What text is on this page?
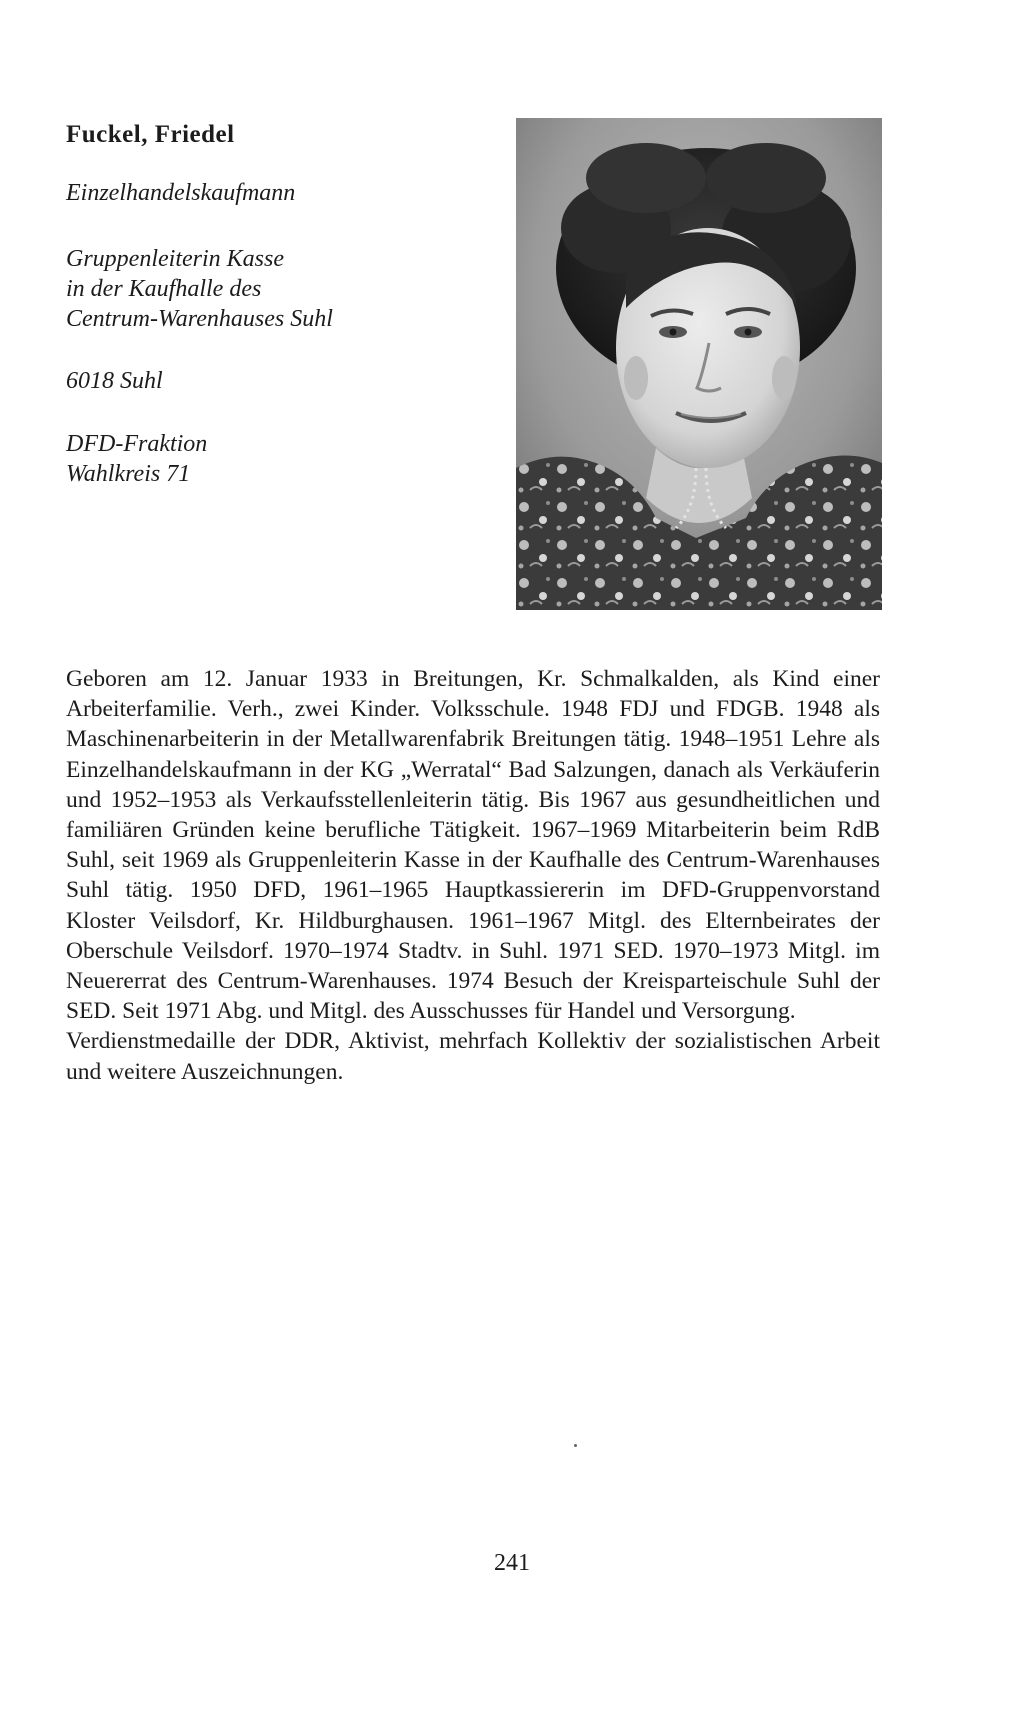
Fuckel, Friedel
Einzelhandelskaufmann
Gruppenleiterin Kasse
in der Kaufhalle des
Centrum-Warenhauses Suhl
6018 Suhl
DFD-Fraktion
Wahlkreis 71

Geboren am 12. Januar 1933 in Breitungen, Kr. Schmalkalden, als Kind einer Arbeiterfamilie. Verh., zwei Kinder. Volksschule. 1948 FDJ und FDGB. 1948 als Maschinenarbeiterin in der Metallwarenfabrik Breitungen tätig. 1948–1951 Lehre als Einzelhandelskaufmann in der KG „Werratal“ Bad Salzungen, danach als Verkäuferin und 1952–1953 als Verkaufsstellenleiterin tätig. Bis 1967 aus gesundheitlichen und familiären Gründen keine berufliche Tätigkeit. 1967–1969 Mitarbeiterin beim RdB Suhl, seit 1969 als Gruppenleiterin Kasse in der Kaufhalle des Centrum-Warenhauses Suhl tätig. 1950 DFD, 1961–1965 Hauptkassiererin im DFD-Gruppenvorstand Kloster Veilsdorf, Kr. Hildburghausen. 1961–1967 Mitgl. des Elternbeirates der Oberschule Veilsdorf. 1970–1974 Stadtv. in Suhl. 1971 SED. 1970–1973 Mitgl. im Neuererrat des Centrum-Warenhauses. 1974 Besuch der Kreisparteischule Suhl der SED. Seit 1971 Abg. und Mitgl. des Ausschusses für Handel und Versorgung.

Verdienstmedaille der DDR, Aktivist, mehrfach Kollektiv der sozialistischen Arbeit und weitere Auszeichnungen.

241
